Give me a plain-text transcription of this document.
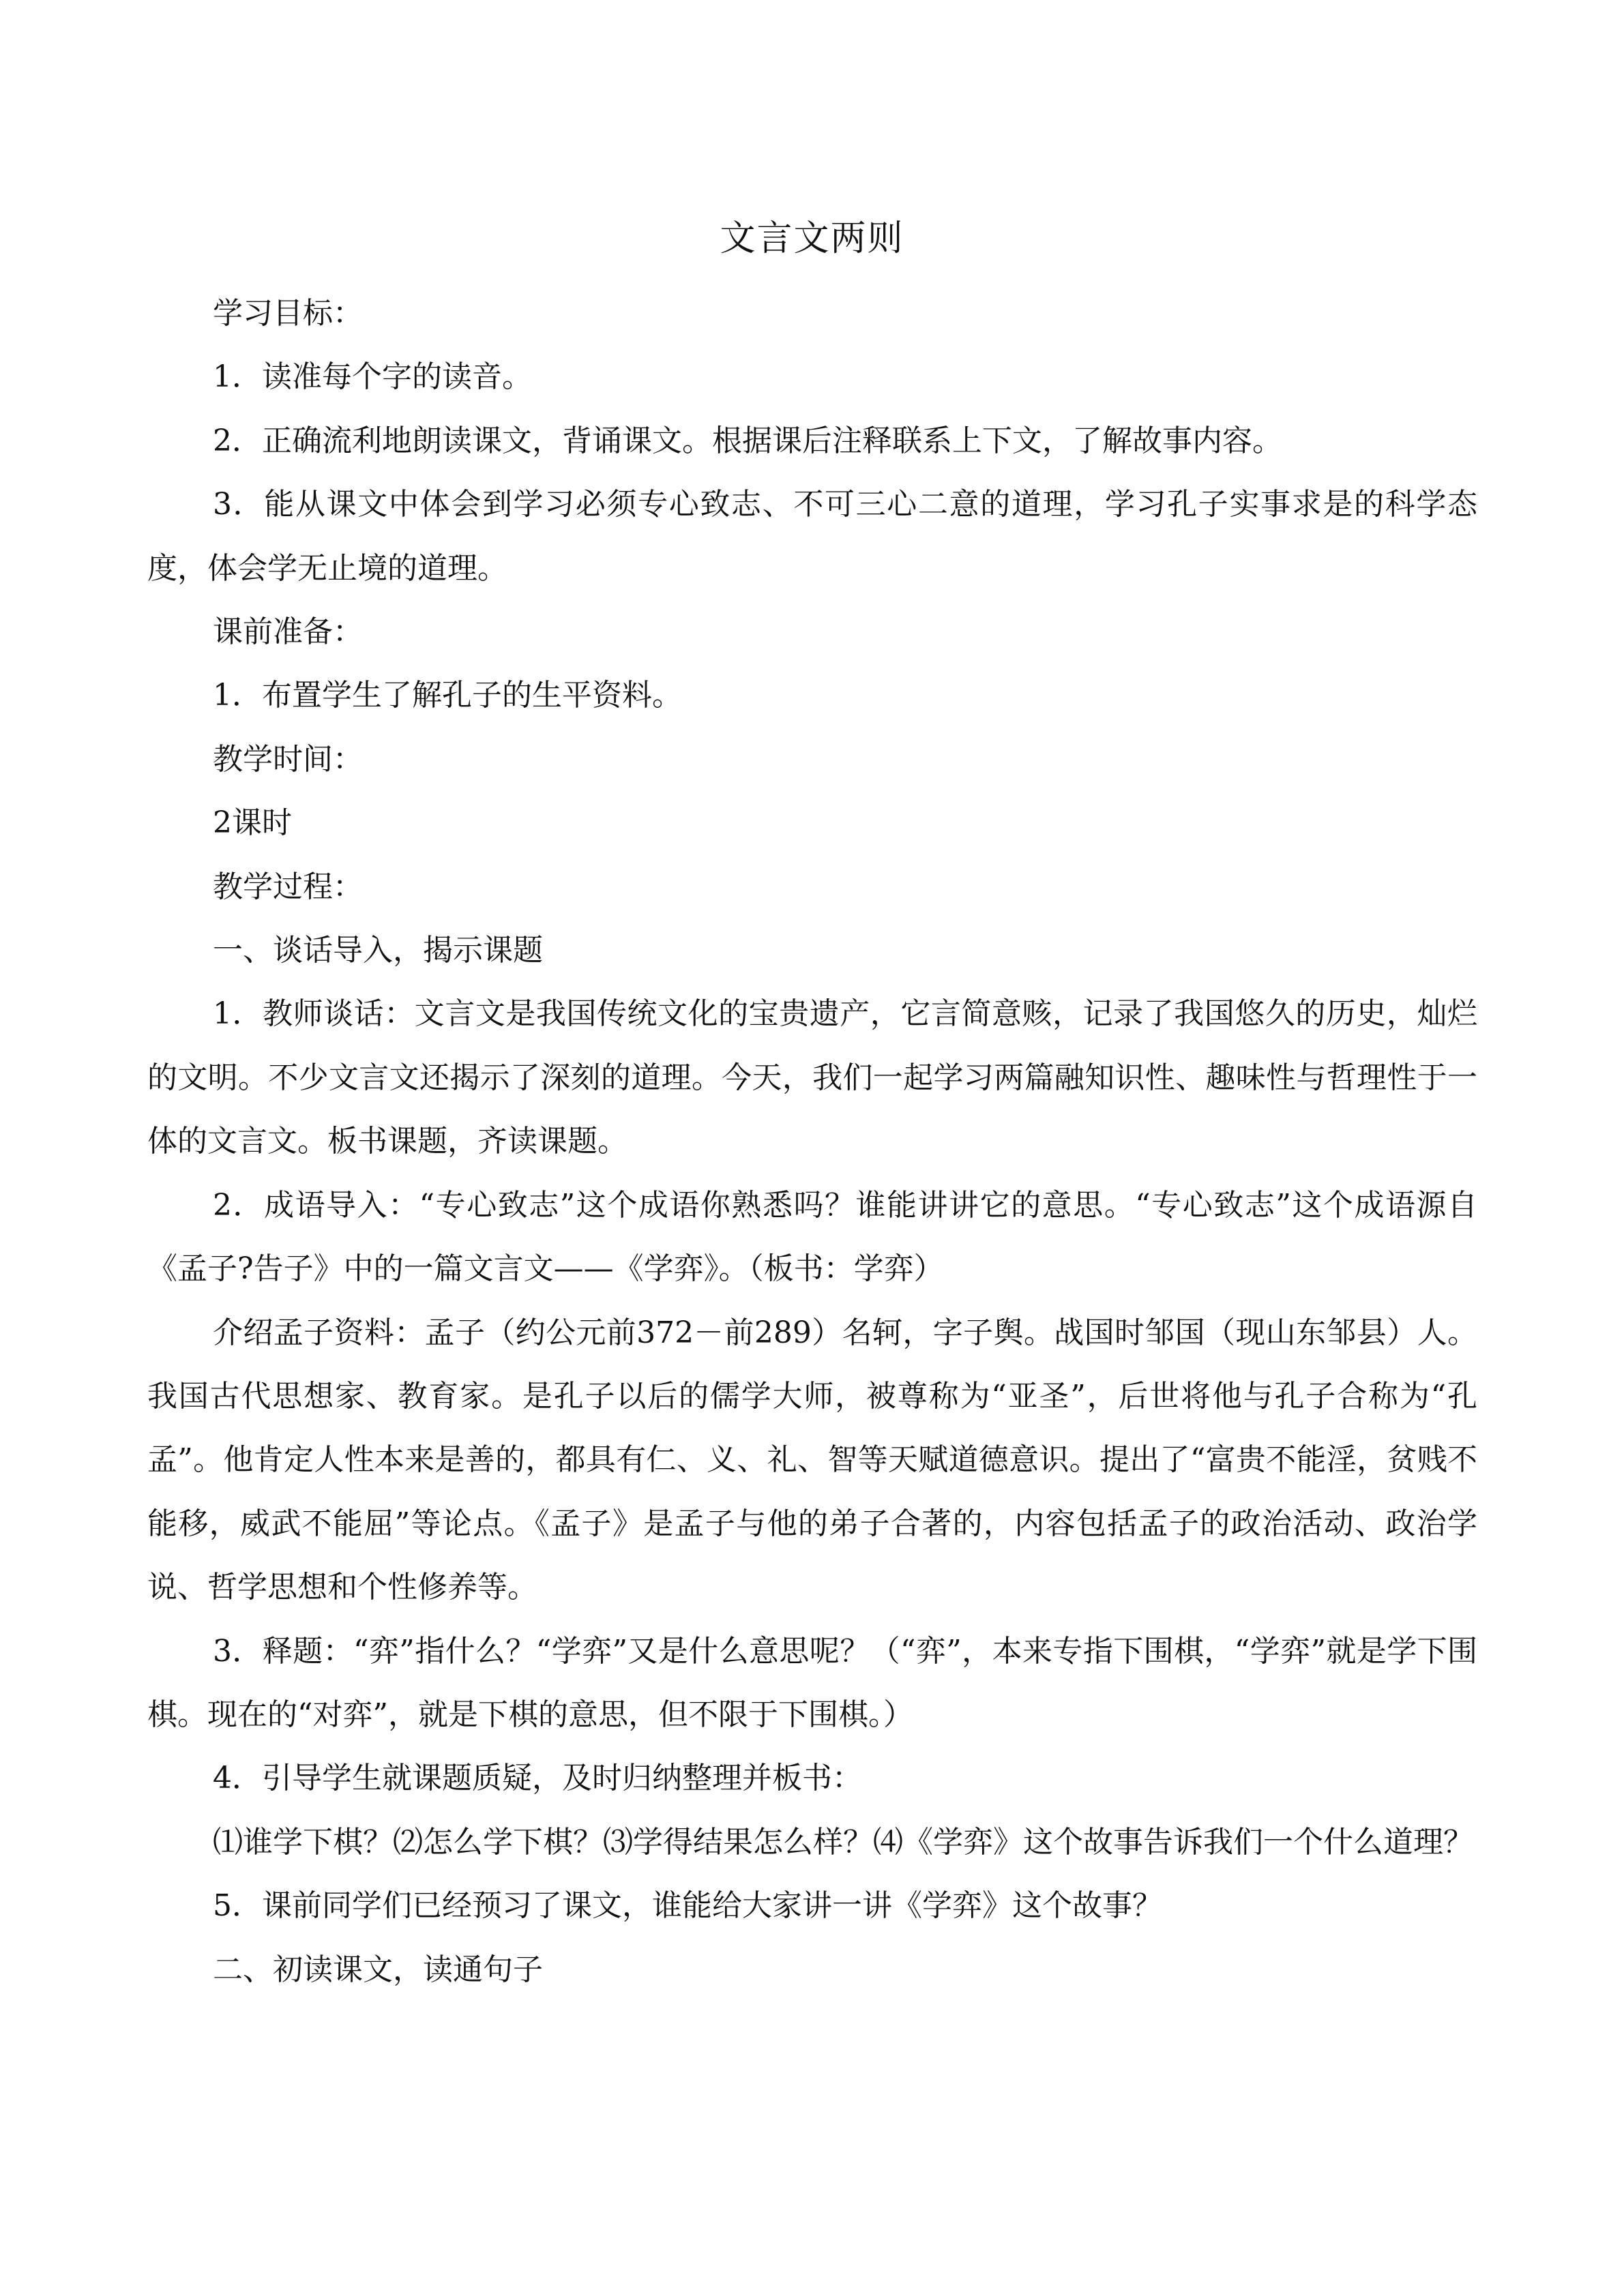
文言文两则

学习目标：

1．读准每个字的读音。

2．正确流利地朗读课文，背诵课文。根据课后注释联系上下文，了解故事内容。

3．能从课文中体会到学习必须专心致志、不可三心二意的道理，学习孔子实事求是的科学态度，体会学无止境的道理。

课前准备：

1．布置学生了解孔子的生平资料。

教学时间：

2课时

教学过程：

一、谈话导入，揭示课题

1．教师谈话：文言文是我国传统文化的宝贵遗产，它言简意赅，记录了我国悠久的历史，灿烂的文明。不少文言文还揭示了深刻的道理。今天，我们一起学习两篇融知识性、趣味性与哲理性于一体的文言文。板书课题，齐读课题。

2．成语导入：“专心致志”这个成语你熟悉吗？谁能讲讲它的意思。“专心致志”这个成语源自《孟子?告子》中的一篇文言文——《学弈》。（板书：学弈）

介绍孟子资料：孟子（约公元前372－前289）名轲，字子舆。战国时邹国（现山东邹县）人。我国古代思想家、教育家。是孔子以后的儒学大师，被尊称为“亚圣”，后世将他与孔子合称为“孔孟”。他肯定人性本来是善的，都具有仁、义、礼、智等天赋道德意识。提出了“富贵不能淫，贫贱不能移，威武不能屈”等论点。《孟子》是孟子与他的弟子合著的，内容包括孟子的政治活动、政治学说、哲学思想和个性修养等。

3．释题：“弈”指什么？“学弈”又是什么意思呢？（“弈”，本来专指下围棋，“学弈”就是学下围棋。现在的“对弈”，就是下棋的意思，但不限于下围棋。）

4．引导学生就课题质疑，及时归纳整理并板书：

⑴谁学下棋？⑵怎么学下棋？⑶学得结果怎么样？⑷《学弈》这个故事告诉我们一个什么道理？

5．课前同学们已经预习了课文，谁能给大家讲一讲《学弈》这个故事？

二、初读课文，读通句子
